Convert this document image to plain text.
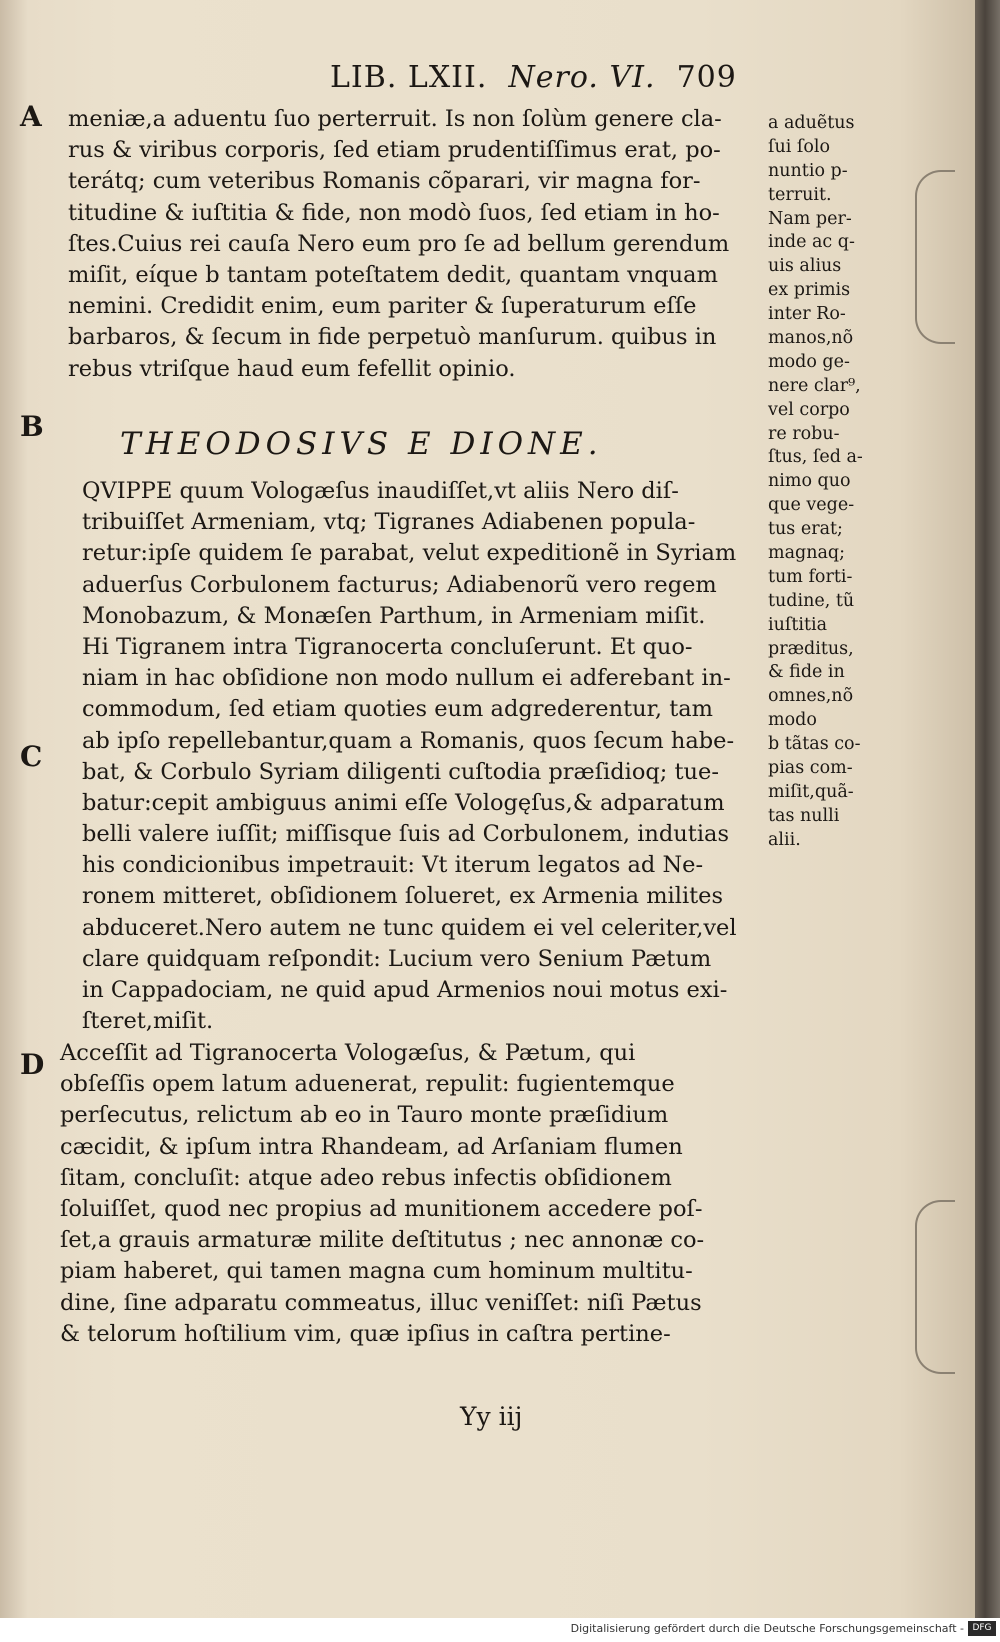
LIB. LXII. Nero. VI. 709
A
B
C
D
meniæ,a aduentu ſuo perterruit. Is non ſolùm genere cla-
rus & viribus corporis, ſed etiam prudentiſſimus erat, po-
terátq; cum veteribus Romanis cõparari, vir magna for-
titudine & iuſtitia & fide, non modò ſuos, ſed etiam in ho-
ſtes.Cuius rei cauſa Nero eum pro ſe ad bellum gerendum
miſit, eíque b tantam poteſtatem dedit, quantam vnquam
nemini. Credidit enim, eum pariter & ſuperaturum eſſe
barbaros, & ſecum in fide perpetuò manſurum. quibus in
rebus vtriſque haud eum fefellit opinio.
THEODOSIVS E DIONE.
QVIPPE quum Vologæſus inaudiſſet,vt aliis Nero diſ-
tribuiſſet Armeniam, vtq; Tigranes Adiabenen popula-
retur:ipſe quidem ſe parabat, velut expeditionẽ in Syriam
aduerſus Corbulonem facturus; Adiabenorũ vero regem
Monobazum, & Monæſen Parthum, in Armeniam miſit.
Hi Tigranem intra Tigranocerta concluſerunt. Et quo-
niam in hac obſidione non modo nullum ei adferebant in-
commodum, ſed etiam quoties eum adgrederentur, tam
ab ipſo repellebantur,quam a Romanis, quos ſecum habe-
bat, & Corbulo Syriam diligenti cuſtodia præſidioq; tue-
batur:cepit ambiguus animi eſſe Vologęſus,& adparatum
belli valere iuſſit; miſſisque ſuis ad Corbulonem, indutias
his condicionibus impetrauit: Vt iterum legatos ad Ne-
ronem mitteret, obſidionem ſolueret, ex Armenia milites
abduceret.Nero autem ne tunc quidem ei vel celeriter,vel
clare quidquam reſpondit: Lucium vero Senium Pætum
in Cappadociam, ne quid apud Armenios noui motus exi-
ſteret,miſit.
Acceſſit ad Tigranocerta Vologæſus, & Pætum, qui
obſeſſis opem latum aduenerat, repulit: fugientemque
perſecutus, relictum ab eo in Tauro monte præſidium
cæcidit, & ipſum intra Rhandeam, ad Arſaniam flumen
ſitam, concluſit: atque adeo rebus infectis obſidionem
ſoluiſſet, quod nec propius ad munitionem accedere poſ-
ſet,a grauis armaturæ milite deſtitutus ; nec annonæ co-
piam haberet, qui tamen magna cum hominum multitu-
dine, ſine adparatu commeatus, illuc veniſſet: niſi Pætus
& telorum hoſtilium vim, quæ ipſius in caſtra pertine-
a aduẽtus
ſui ſolo
nuntio p-
terruit.
Nam per-
inde ac q-
uis alius
ex primis
inter Ro-
manos,nõ
modo ge-
nere clar⁹,
vel corpo
re robu-
ſtus, ſed a-
nimo quo
que vege-
tus erat;
magnaq;
tum forti-
tudine, tũ
iuſtitia
præditus,
& fide in
omnes,nõ
modo
b tãtas co-
pias com-
miſit,quã-
tas nulli
alii.
Yy iij
Digitalisierung gefördert durch die Deutsche Forschungsgemeinschaft - DFG
